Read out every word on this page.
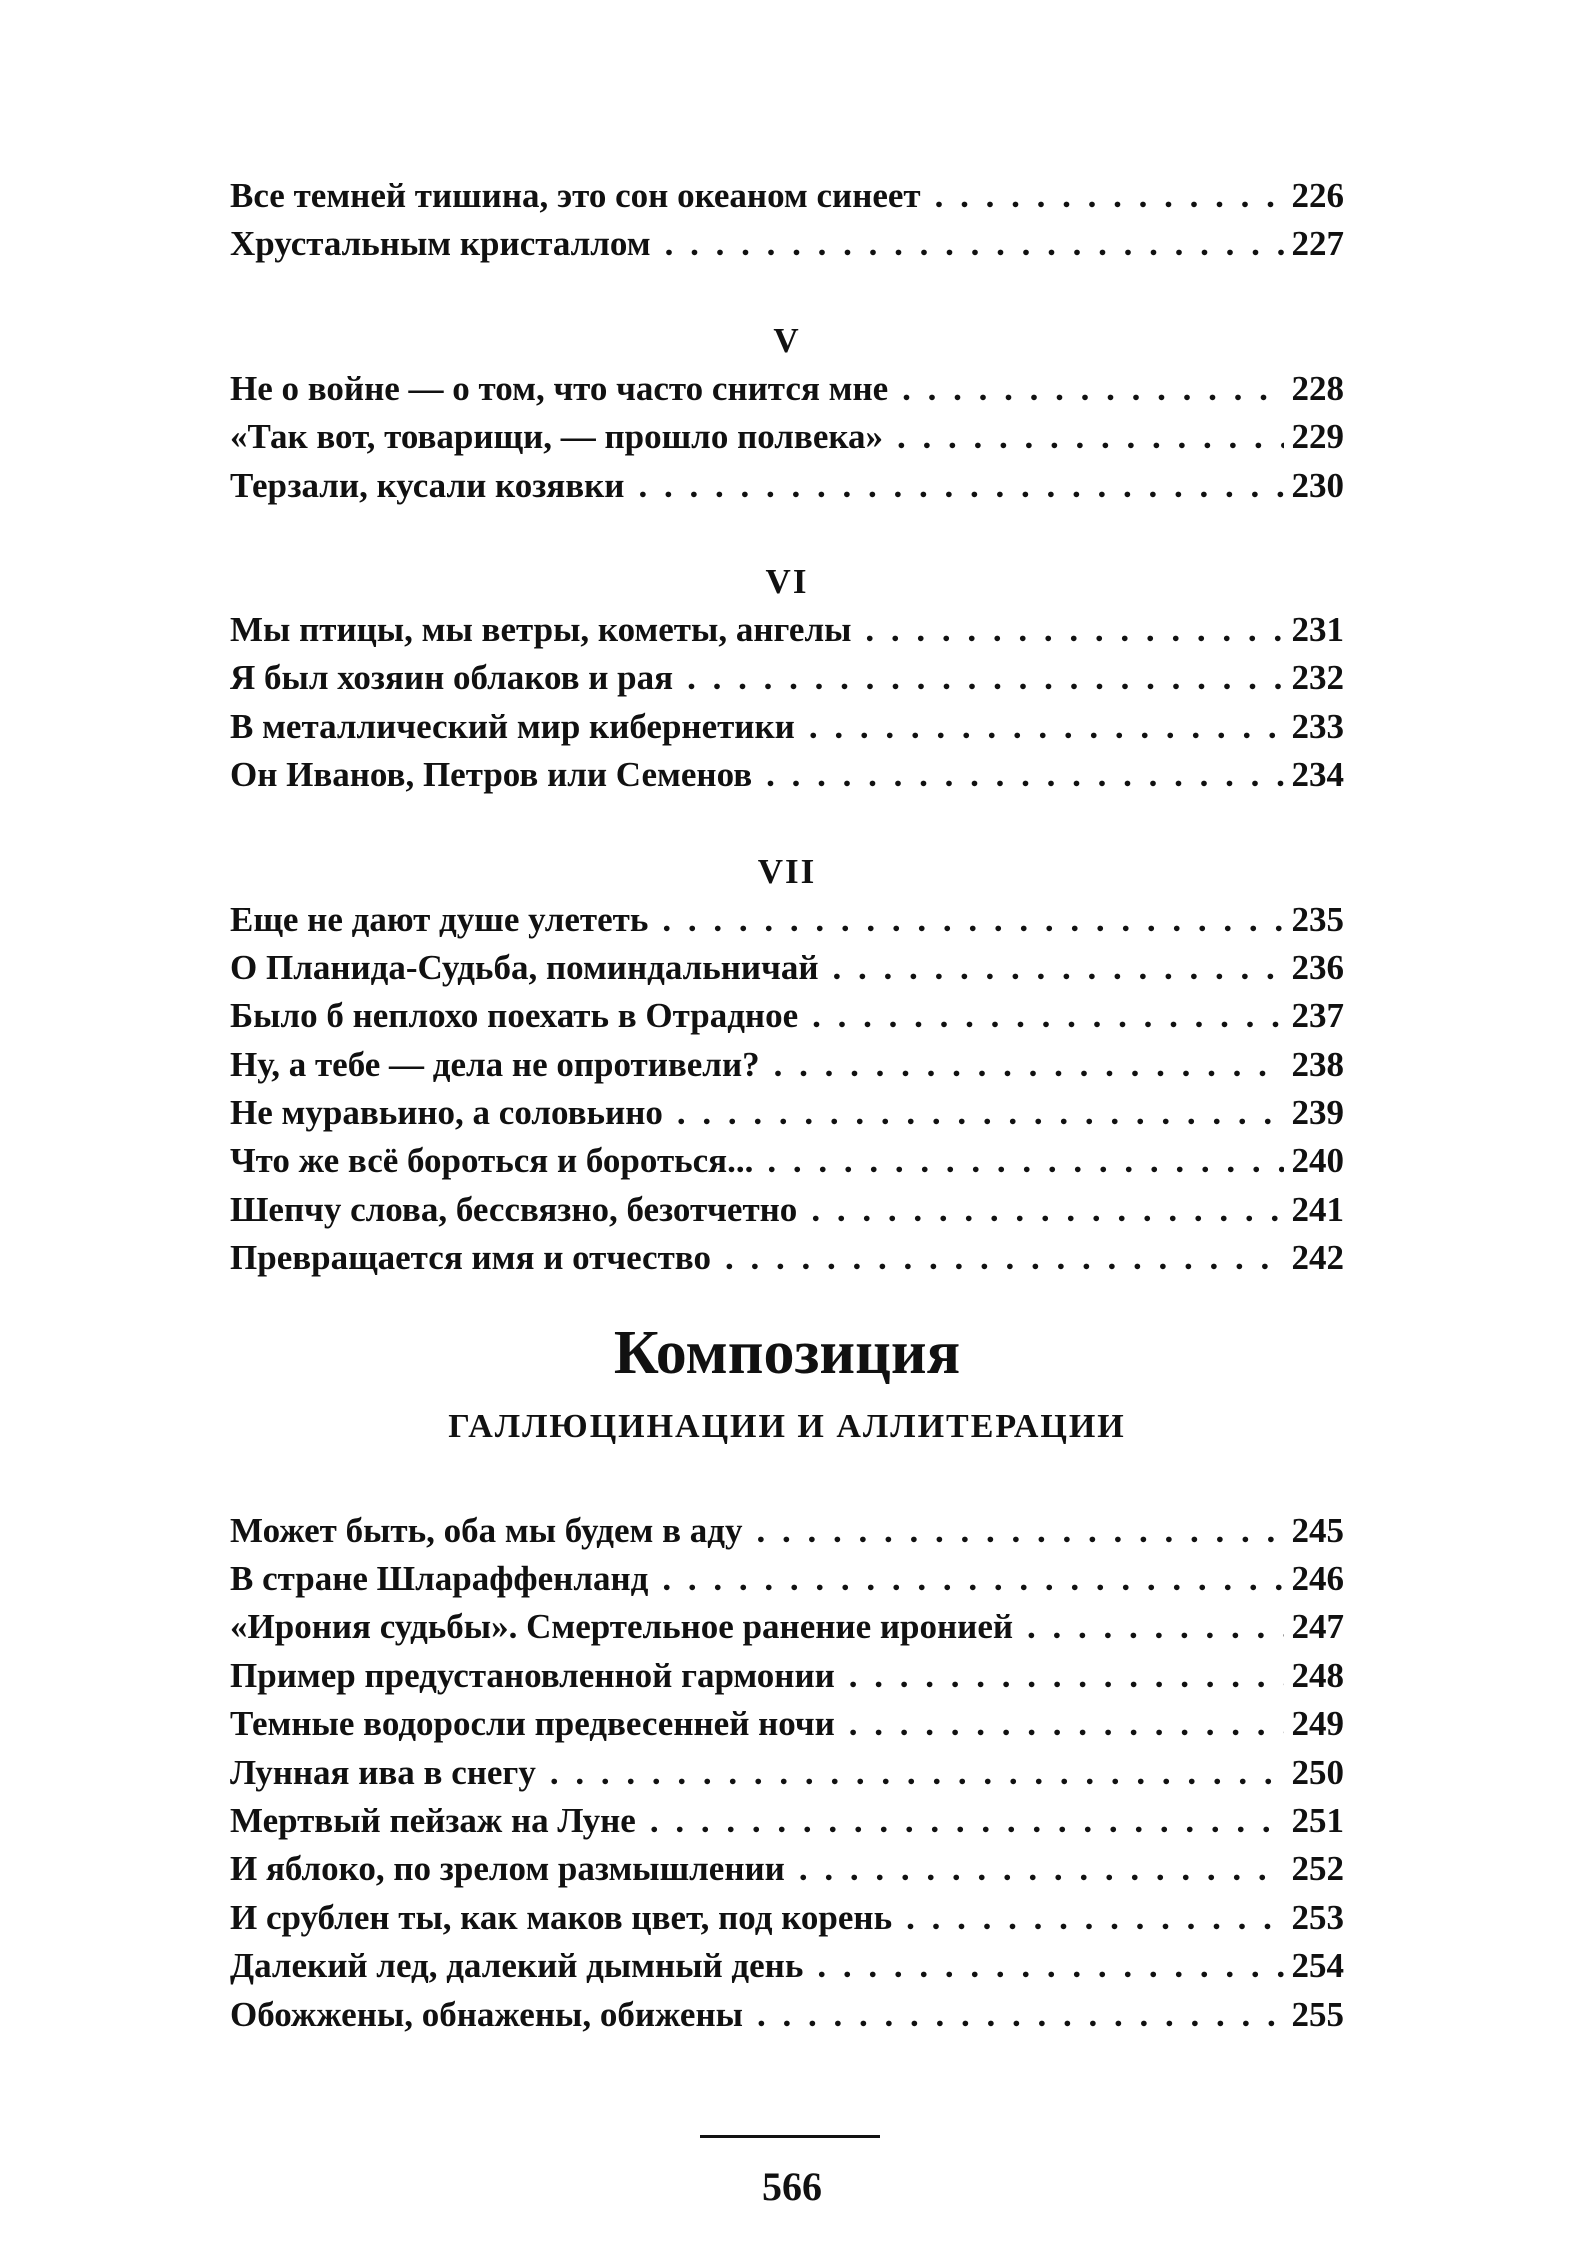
Все темней тишина, это сон океаном синеет . . .	226
Хрустальным кристаллом . . .	227
V
Не о войне — о том, что часто снится мне . . .	228
«Так вот, товарищи, — прошло полвека» . . .	229
Терзали, кусали козявки . . .	230
VI
Мы птицы, мы ветры, кометы, ангелы . . .	231
Я был хозяин облаков и рая . . .	232
В металлический мир кибернетики . . .	233
Он Иванов, Петров или Семенов . . .	234
VII
Еще не дают душе улететь . . .	235
О Планида-Судьба, поминдальничай . . .	236
Было б неплохо поехать в Отрадное . . .	237
Ну, а тебе — дела не опротивели? . . .	238
Не муравьино, а соловьино . . .	239
Что же всё бороться и бороться... . . .	240
Шепчу слова, бессвязно, безотчетно . . .	241
Превращается имя и отчество . . .	242
Композиция
ГАЛЛЮЦИНАЦИИ И АЛЛИТЕРАЦИИ
Может быть, оба мы будем в аду . . .	245
В стране Шлараффенланд . . .	246
«Ирония судьбы». Смертельное ранение иронией . . .	247
Пример предустановленной гармонии . . .	248
Темные водоросли предвесенней ночи . . .	249
Лунная ива в снегу . . .	250
Мертвый пейзаж на Луне . . .	251
И яблоко, по зрелом размышлении . . .	252
И срублен ты, как маков цвет, под корень . . .	253
Далекий лед, далекий дымный день . . .	254
Обожжены, обнажены, обижены . . .	255
566
